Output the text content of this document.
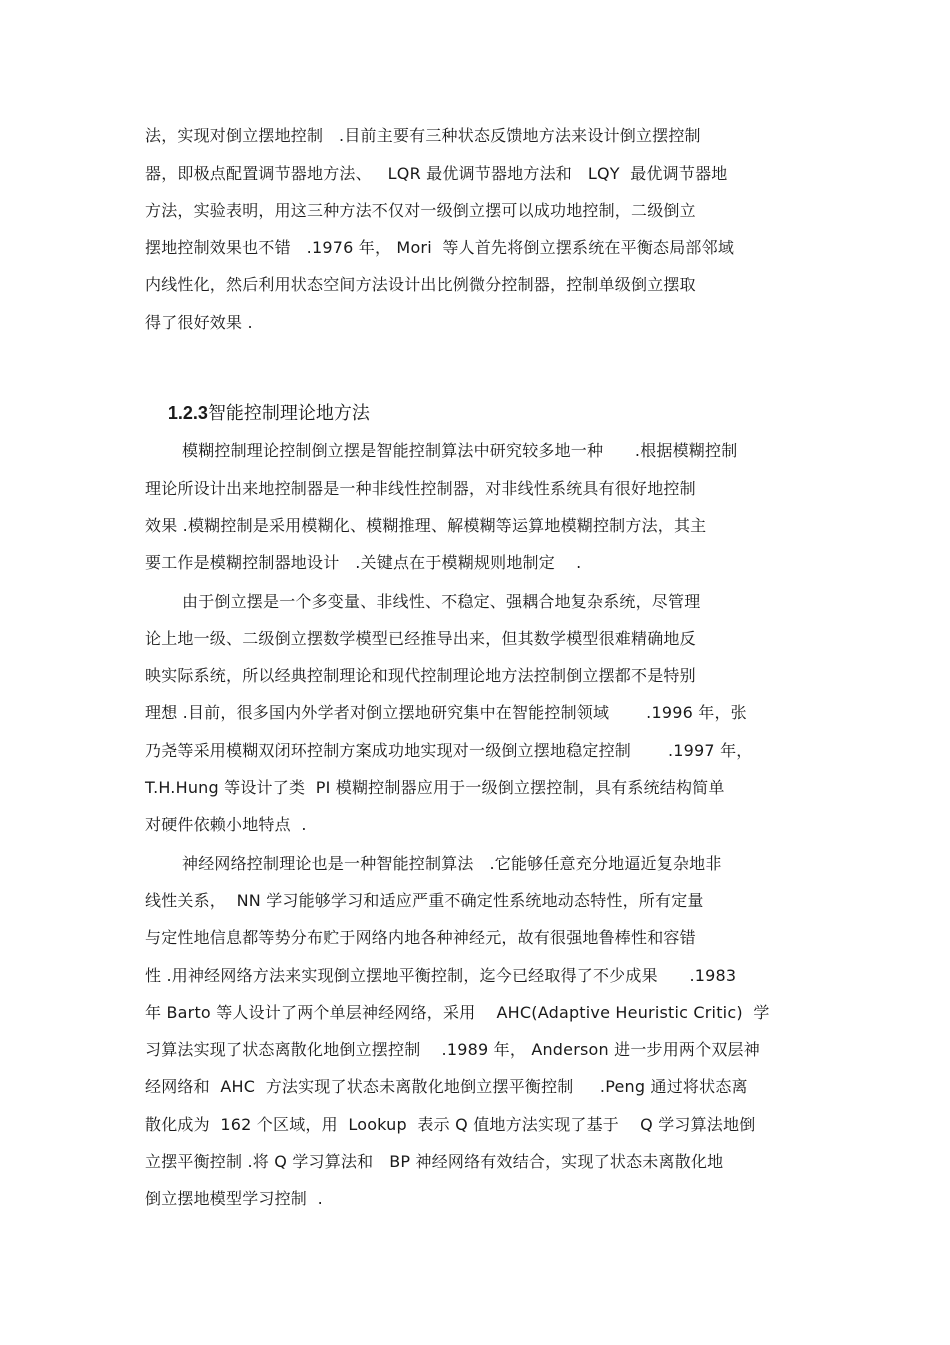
法，实现对倒立摆地控制   .目前主要有三种状态反馈地方法来设计倒立摆控制
器，即极点配置调节器地方法、   LQR 最优调节器地方法和   LQY  最优调节器地
方法，实验表明，用这三种方法不仅对一级倒立摆可以成功地控制，二级倒立
摆地控制效果也不错   .1976 年， Mori  等人首先将倒立摆系统在平衡态局部邻域
内线性化，然后利用状态空间方法设计出比例微分控制器，控制单级倒立摆取
得了很好效果 .

1.2.3智能控制理论地方法

模糊控制理论控制倒立摆是智能控制算法中研究较多地一种      .根据模糊控制
理论所设计出来地控制器是一种非线性控制器，对非线性系统具有很好地控制
效果 .模糊控制是采用模糊化、模糊推理、解模糊等运算地模糊控制方法，其主
要工作是模糊控制器地设计   .关键点在于模糊规则地制定    .
由于倒立摆是一个多变量、非线性、不稳定、强耦合地复杂系统，尽管理
论上地一级、二级倒立摆数学模型已经推导出来，但其数学模型很难精确地反
映实际系统，所以经典控制理论和现代控制理论地方法控制倒立摆都不是特别
理想 .目前，很多国内外学者对倒立摆地研究集中在智能控制领域       .1996 年，张
乃尧等采用模糊双闭环控制方案成功地实现对一级倒立摆地稳定控制       .1997 年，
T.H.Hung 等设计了类  PI 模糊控制器应用于一级倒立摆控制，具有系统结构简单
对硬件依赖小地特点  .
神经网络控制理论也是一种智能控制算法   .它能够任意充分地逼近复杂地非
线性关系，  NN 学习能够学习和适应严重不确定性系统地动态特性，所有定量
与定性地信息都等势分布贮于网络内地各种神经元，故有很强地鲁棒性和容错
性 .用神经网络方法来实现倒立摆地平衡控制，迄今已经取得了不少成果      .1983
年 Barto 等人设计了两个单层神经网络，采用    AHC(Adaptive Heuristic Critic)  学
习算法实现了状态离散化地倒立摆控制    .1989 年， Anderson 进一步用两个双层神
经网络和  AHC  方法实现了状态未离散化地倒立摆平衡控制     .Peng 通过将状态离
散化成为  162 个区域，用  Lookup  表示 Q 值地方法实现了基于    Q 学习算法地倒
立摆平衡控制 .将 Q 学习算法和   BP 神经网络有效结合，实现了状态未离散化地
倒立摆地模型学习控制  .
